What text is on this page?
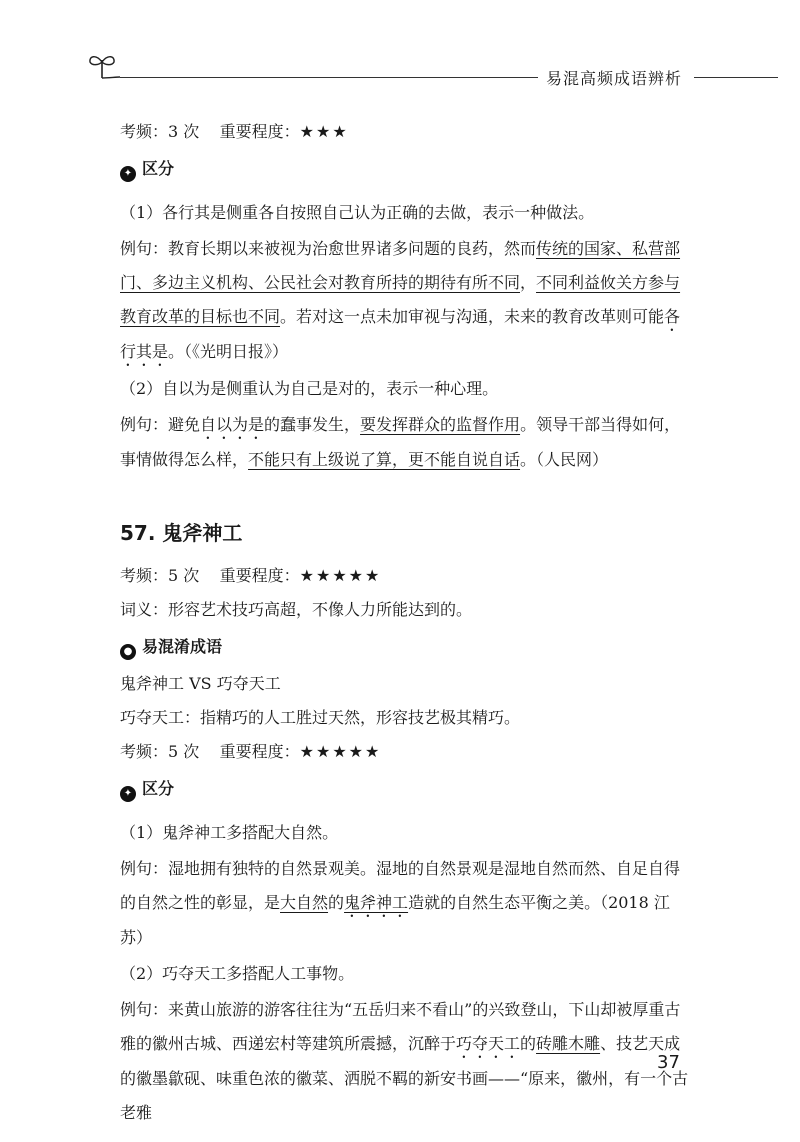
易混高频成语辨析

考频：3 次 重要程度：★★★

✦ 区分

（1）各行其是侧重各自按照自己认为正确的去做，表示一种做法。

例句：教育长期以来被视为治愈世界诸多问题的良药，然而传统的国家、私营部门、多边主义机构、公民社会对教育所持的期待有所不同，不同利益攸关方参与教育改革的目标也不同。若对这一点未加审视与沟通，未来的教育改革则可能各行其是。（《光明日报》）

（2）自以为是侧重认为自己是对的，表示一种心理。

例句：避免自以为是的蠢事发生，要发挥群众的监督作用。领导干部当得如何，事情做得怎么样，不能只有上级说了算，更不能自说自话。（人民网）

57. 鬼斧神工

考频：5 次 重要程度：★★★★★

词义：形容艺术技巧高超，不像人力所能达到的。

● 易混淆成语

鬼斧神工 VS 巧夺天工

巧夺天工：指精巧的人工胜过天然，形容技艺极其精巧。

考频：5 次 重要程度：★★★★★

✦ 区分

（1）鬼斧神工多搭配大自然。

例句：湿地拥有独特的自然景观美。湿地的自然景观是湿地自然而然、自足自得的自然之性的彰显，是大自然的鬼斧神工造就的自然生态平衡之美。（2018 江苏）

（2）巧夺天工多搭配人工事物。

例句：来黄山旅游的游客往往为“五岳归来不看山”的兴致登山，下山却被厚重古雅的徽州古城、西递宏村等建筑所震撼，沉醉于巧夺天工的砖雕木雕、技艺天成的徽墨歙砚、味重色浓的徽菜、洒脱不羁的新安书画——“原来，徽州，有一个古老雅

37
